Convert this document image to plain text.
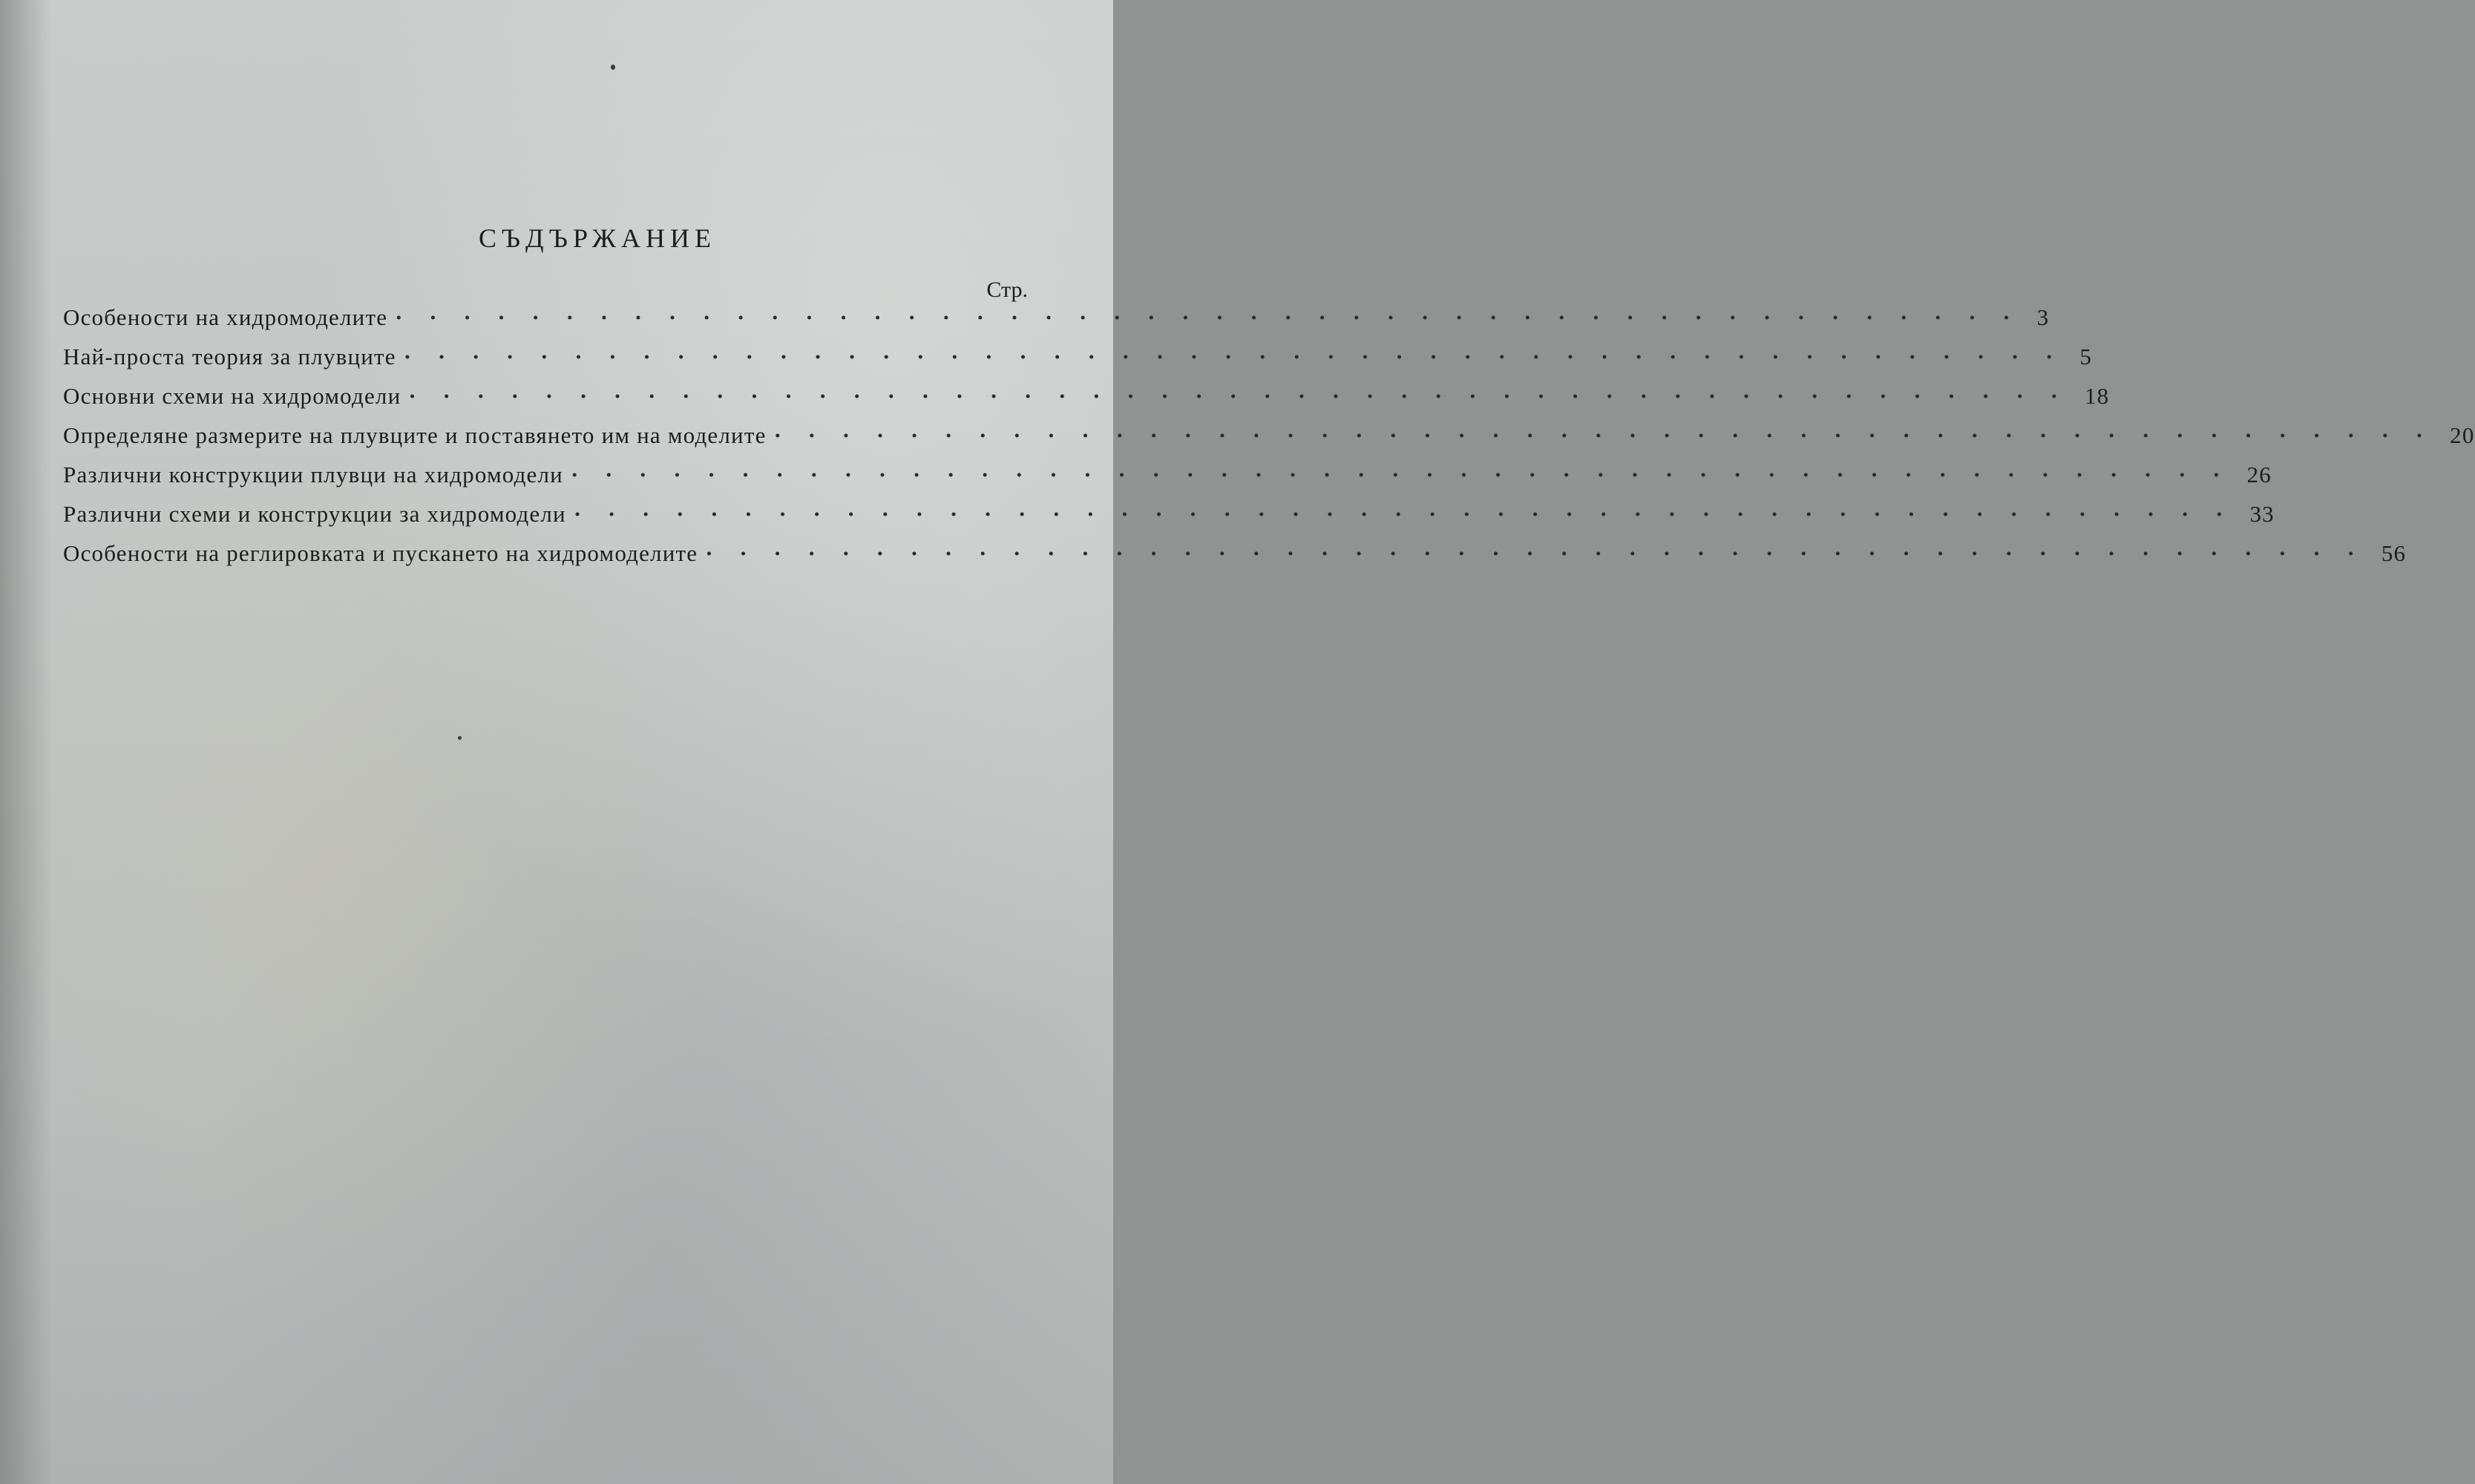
СЪДЪРЖАНИЕ
Стр.
Особености на хидромоделите · · · · · · · · · · · · · · · · · · · · · · · · · · · · · · · · · · · · · · · · · · · · · · · · 3
Най-проста теория за плувците · · · · · · · · · · · · · · · · · · · · · · · · · · · · · · · · · · · · · · · · · · · · · · · · · 5
Основни схеми на хидромодели · · · · · · · · · · · · · · · · · · · · · · · · · · · · · · · · · · · · · · · · · · · · · · · · · 18
Определяне размерите на плувците и поставянето им на моделите · · · · · · · · · · · · · · · · · · · · · · · · · · · · · · · · · · · · · · · · · · · · · · · · · 20
Различни конструкции плувци на хидромодели · · · · · · · · · · · · · · · · · · · · · · · · · · · · · · · · · · · · · · · · · · · · · · · · · 26
Различни схеми и конструкции за хидромодели · · · · · · · · · · · · · · · · · · · · · · · · · · · · · · · · · · · · · · · · · · · · · · · · · 33
Особености на реглировката и пускането на хидромоделите · · · · · · · · · · · · · · · · · · · · · · · · · · · · · · · · · · · · · · · · · · · · · · · · · 56
